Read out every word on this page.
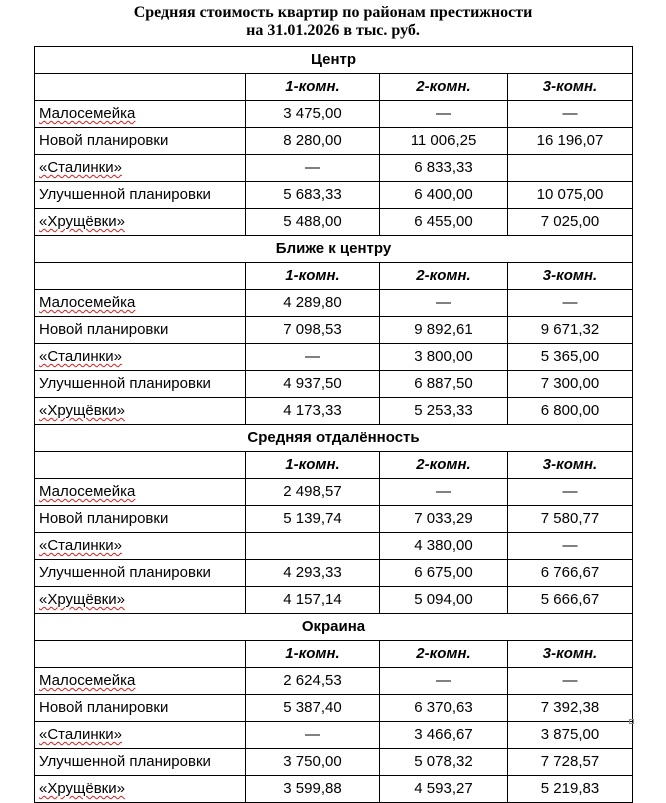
Средняя стоимость квартир по районам престижности
на 31.01.2026 в тыс. руб.
Центр			
	1-комн.	2-комн.	3-комн.
Малосемейка	3 475,00	—	—
Новой планировки	8 280,00	11 006,25	16 196,07
«Сталинки»	—	6 833,33	
Улучшенной планировки	5 683,33	6 400,00	10 075,00
«Хрущёвки»	5 488,00	6 455,00	7 025,00
Ближе к центру			
	1-комн.	2-комн.	3-комн.
Малосемейка	4 289,80	—	—
Новой планировки	7 098,53	9 892,61	9 671,32
«Сталинки»	—	3 800,00	5 365,00
Улучшенной планировки	4 937,50	6 887,50	7 300,00
«Хрущёвки»	4 173,33	5 253,33	6 800,00
Средняя отдалённость			
	1-комн.	2-комн.	3-комн.
Малосемейка	2 498,57	—	—
Новой планировки	5 139,74	7 033,29	7 580,77
«Сталинки»		4 380,00	—
Улучшенной планировки	4 293,33	6 675,00	6 766,67
«Хрущёвки»	4 157,14	5 094,00	5 666,67
Окраина			
	1-комн.	2-комн.	3-комн.
Малосемейка	2 624,53	—	—
Новой планировки	5 387,40	6 370,63	7 392,38
«Сталинки»	—	3 466,67	3 875,00
Улучшенной планировки	3 750,00	5 078,32	7 728,57
«Хрущёвки»	3 599,88	4 593,27	5 219,83
